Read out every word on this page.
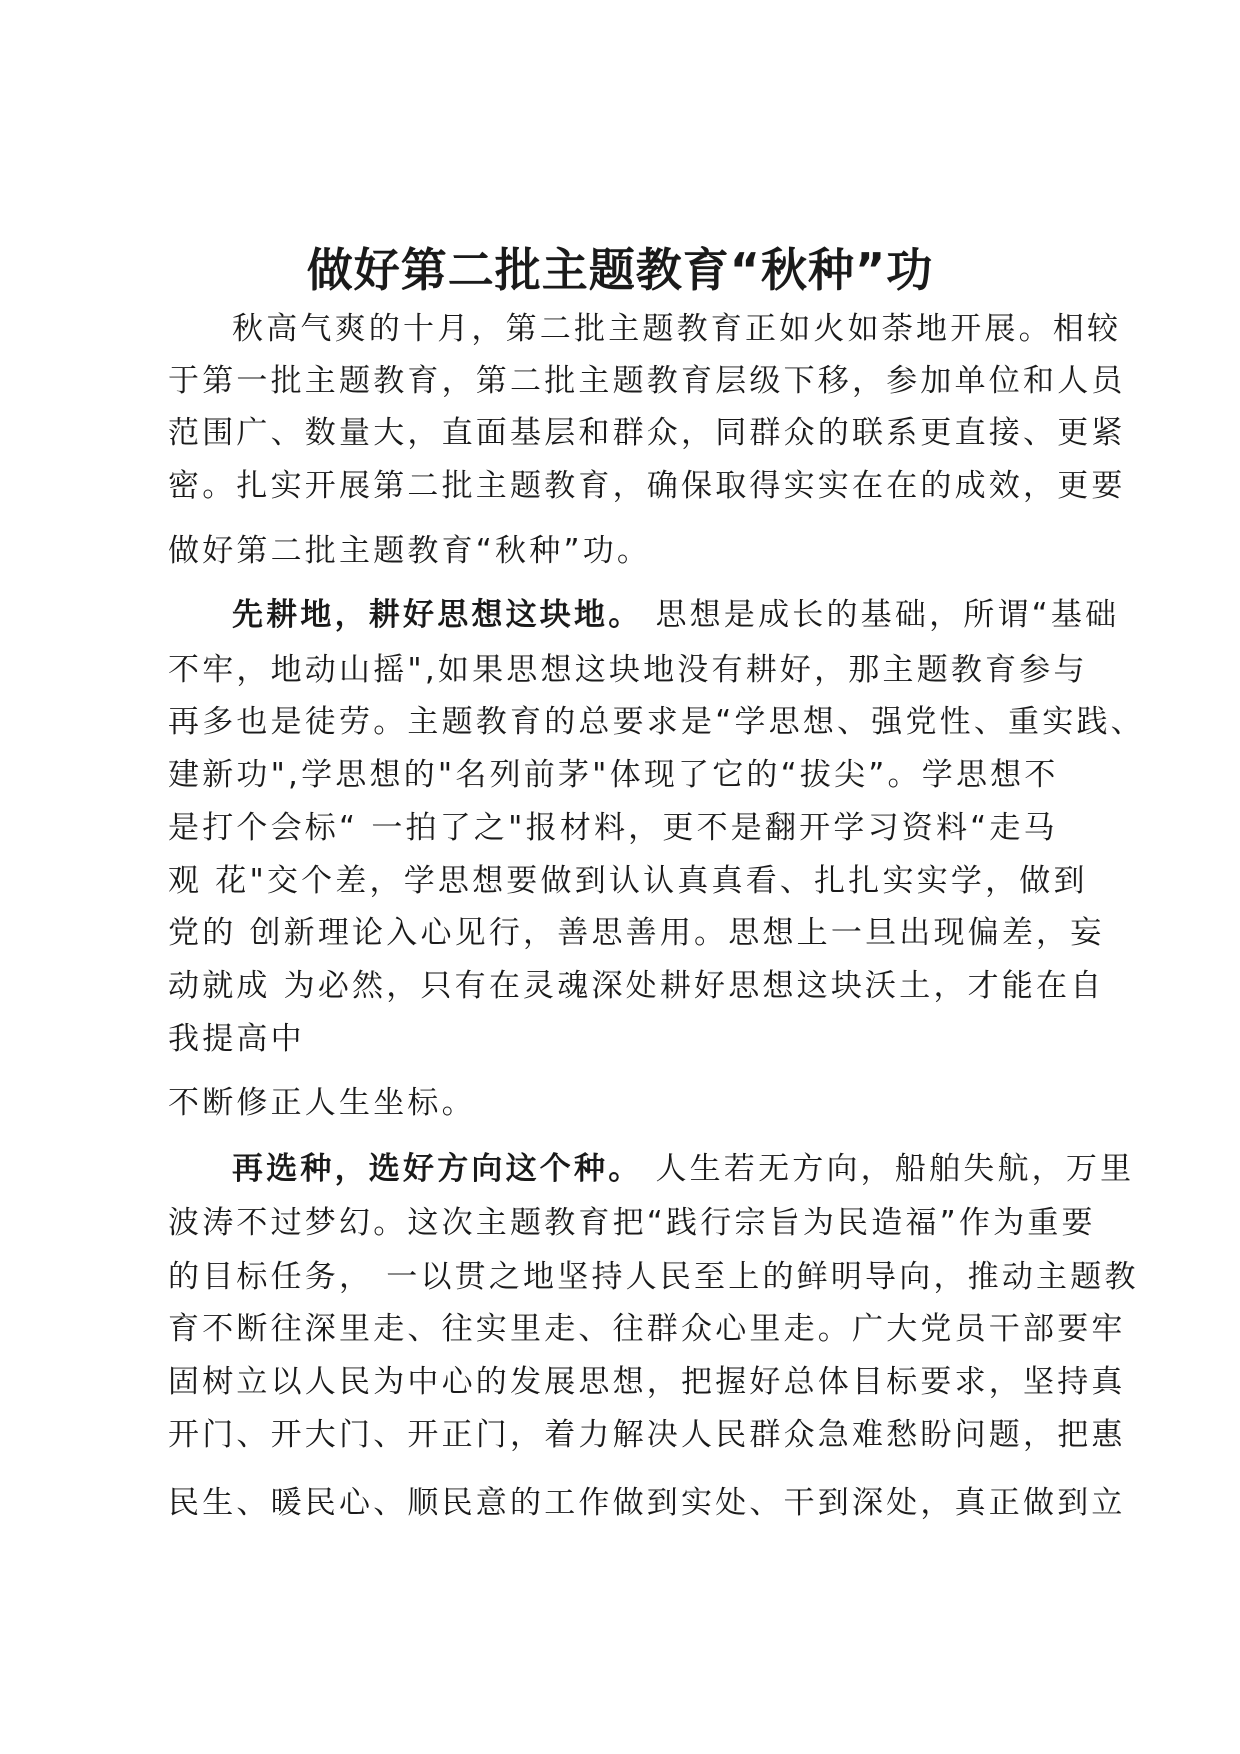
做好第二批主题教育“秋种”功
秋高气爽的十月，第二批主题教育正如火如荼地开展。相较
于第一批主题教育，第二批主题教育层级下移，参加单位和人员
范围广、数量大，直面基层和群众，同群众的联系更直接、更紧
密。扎实开展第二批主题教育，确保取得实实在在的成效，更要
做好第二批主题教育“秋种”功。
先耕地，耕好思想这块地。 思想是成长的基础，所谓“基础
不牢，地动山摇",如果思想这块地没有耕好，那主题教育参与
再多也是徒劳。主题教育的总要求是“学思想、强党性、重实践、
建新功",学思想的"名列前茅"体现了它的“拔尖”。学思想不
是打个会标“ 一拍了之"报材料，更不是翻开学习资料“走马
观 花"交个差，学思想要做到认认真真看、扎扎实实学，做到
党的 创新理论入心见行，善思善用。思想上一旦出现偏差，妄
动就成 为必然，只有在灵魂深处耕好思想这块沃土，才能在自
我提高中
不断修正人生坐标。
再选种，选好方向这个种。 人生若无方向，船舶失航，万里
波涛不过梦幻。这次主题教育把“践行宗旨为民造福”作为重要
的目标任务， 一以贯之地坚持人民至上的鲜明导向，推动主题教
育不断往深里走、往实里走、往群众心里走。广大党员干部要牢
固树立以人民为中心的发展思想，把握好总体目标要求，坚持真
开门、开大门、开正门，着力解决人民群众急难愁盼问题，把惠
民生、暖民心、顺民意的工作做到实处、干到深处，真正做到立
